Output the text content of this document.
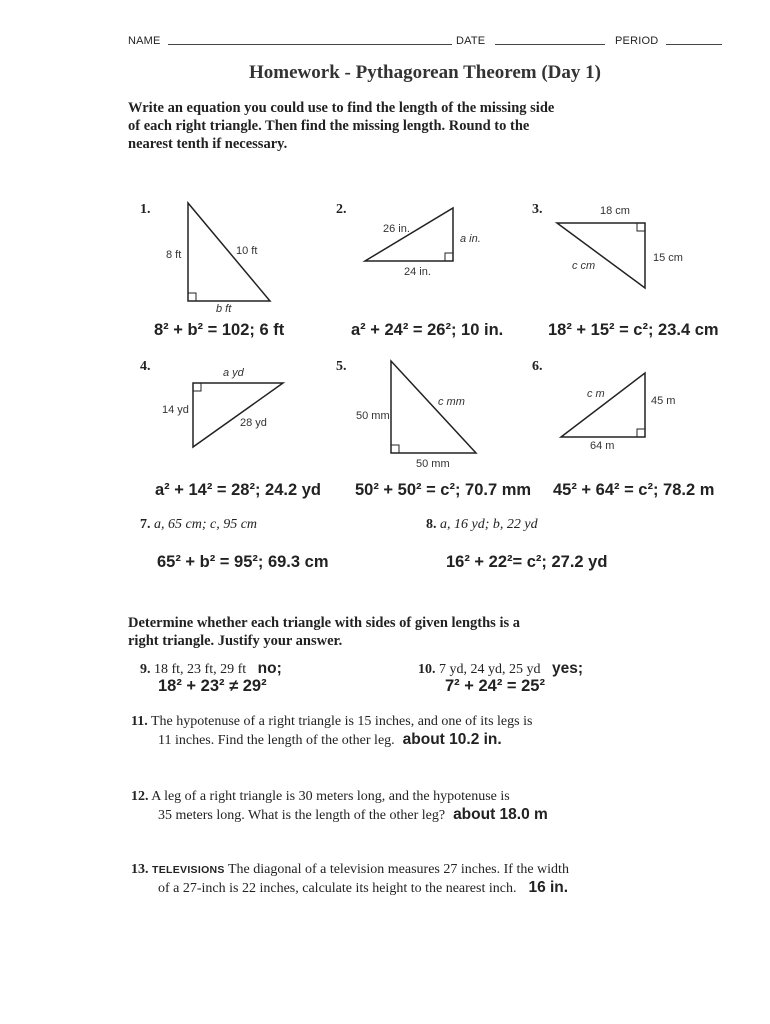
NAME	DATE	PERIOD
Homework - Pythagorean Theorem (Day 1)
Write an equation you could use to find the length of the missing side
of each right triangle. Then find the missing length. Round to the
nearest tenth if necessary.
1.	2.	3.
4.	5.	6.
8 ft	10 ft
b ft
26 in.
a in.
24 in.
18 cm
15 cm
c cm
a yd
14 yd
28 yd
c mm
50 mm
50 mm
c m
45 m
64 m
8² + b² = 102; 6 ft	a² + 24² = 26²; 10 in.	18² + 15² = c²; 23.4 cm
a² + 14² = 28²; 24.2 yd 50² + 50² = c²; 70.7 mm 45² + 64² = c²; 78.2 m
7. a, 65 cm; c, 95 cm	8. a, 16 yd; b, 22 yd
65² + b² = 95²; 69.3 cm	16² + 22²= c²; 27.2 yd
Determine whether each triangle with sides of given lengths is a
right triangle. Justify your answer.
9. 18 ft, 23 ft, 29 ft no;
18² + 23² ≠ 29²
10. 7 yd, 24 yd, 25 yd yes;
7² + 24² = 25²
11. The hypotenuse of a right triangle is 15 inches, and one of its legs is
11 inches. Find the length of the other leg. about 10.2 in.
12. A leg of a right triangle is 30 meters long, and the hypotenuse is
35 meters long. What is the length of the other leg? about 18.0 m
13. TELEVISIONS The diagonal of a television measures 27 inches. If the width
of a 27-inch is 22 inches, calculate its height to the nearest inch. 16 in.
